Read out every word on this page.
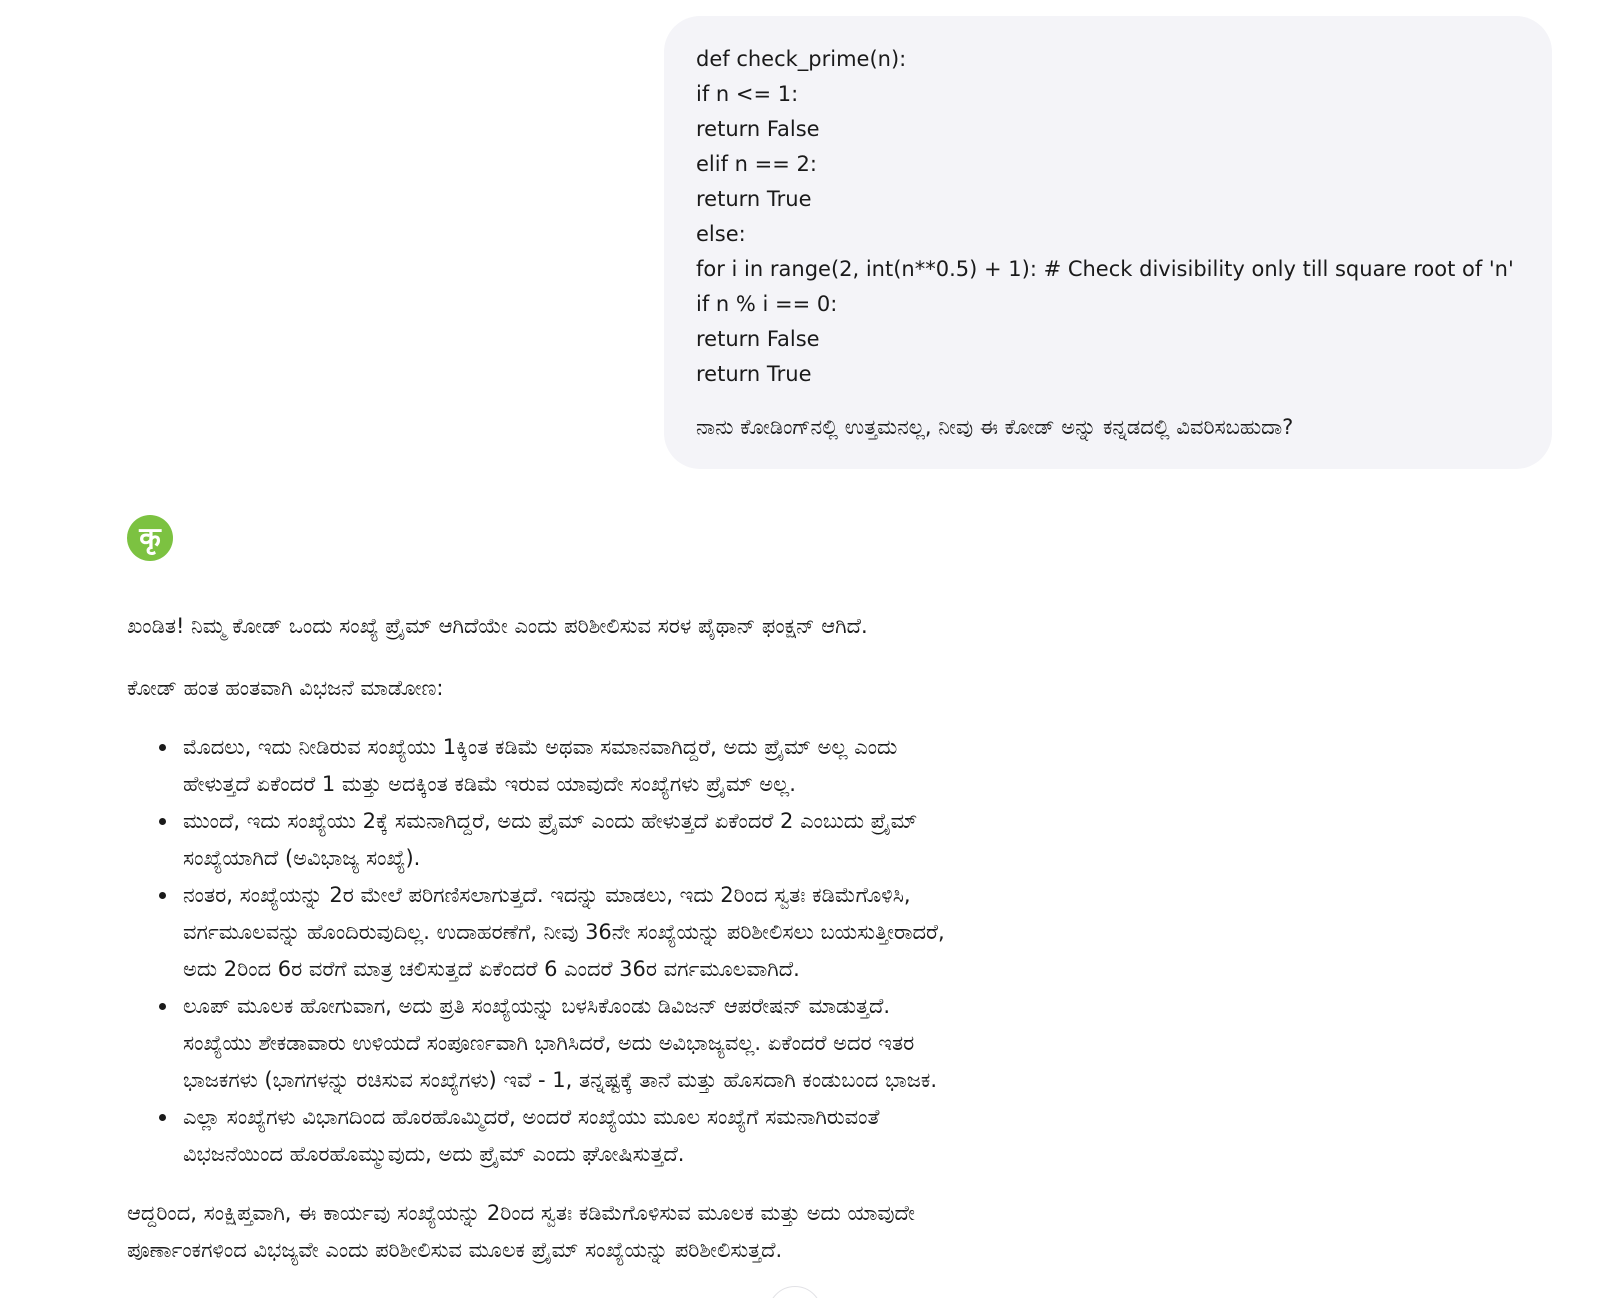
def check_prime(n):
if n <= 1:
return False
elif n == 2:
return True
else:
for i in range(2, int(n**0.5) + 1): # Check divisibility only till square root of 'n'
if n % i == 0:
return False
return True
ನಾನು ಕೋಡಿಂಗ್‌ನಲ್ಲಿ ಉತ್ತಮನಲ್ಲ, ನೀವು ಈ ಕೋಡ್ ಅನ್ನು ಕನ್ನಡದಲ್ಲಿ ವಿವರಿಸಬಹುದಾ?
कृ

ಖಂಡಿತ! ನಿಮ್ಮ ಕೋಡ್ ಒಂದು ಸಂಖ್ಯೆ ಪ್ರೈಮ್ ಆಗಿದೆಯೇ ಎಂದು ಪರಿಶೀಲಿಸುವ ಸರಳ ಪೈಥಾನ್ ಫಂಕ್ಷನ್ ಆಗಿದೆ.

ಕೋಡ್ ಹಂತ ಹಂತವಾಗಿ ವಿಭಜನೆ ಮಾಡೋಣ:

ಮೊದಲು, ಇದು ನೀಡಿರುವ ಸಂಖ್ಯೆಯು 1ಕ್ಕಿಂತ ಕಡಿಮೆ ಅಥವಾ ಸಮಾನವಾಗಿದ್ದರೆ, ಅದು ಪ್ರೈಮ್ ಅಲ್ಲ ಎಂದು
ಹೇಳುತ್ತದೆ ಏಕೆಂದರೆ 1 ಮತ್ತು ಅದಕ್ಕಿಂತ ಕಡಿಮೆ ಇರುವ ಯಾವುದೇ ಸಂಖ್ಯೆಗಳು ಪ್ರೈಮ್ ಅಲ್ಲ.
ಮುಂದೆ, ಇದು ಸಂಖ್ಯೆಯು 2ಕ್ಕೆ ಸಮನಾಗಿದ್ದರೆ, ಅದು ಪ್ರೈಮ್ ಎಂದು ಹೇಳುತ್ತದೆ ಏಕೆಂದರೆ 2 ಎಂಬುದು ಪ್ರೈಮ್
ಸಂಖ್ಯೆಯಾಗಿದೆ (ಅವಿಭಾಜ್ಯ ಸಂಖ್ಯೆ).
ನಂತರ, ಸಂಖ್ಯೆಯನ್ನು 2ರ ಮೇಲೆ ಪರಿಗಣಿಸಲಾಗುತ್ತದೆ. ಇದನ್ನು ಮಾಡಲು, ಇದು 2ರಿಂದ ಸ್ವತಃ ಕಡಿಮೆಗೊಳಿಸಿ,
ವರ್ಗಮೂಲವನ್ನು ಹೊಂದಿರುವುದಿಲ್ಲ. ಉದಾಹರಣೆಗೆ, ನೀವು 36ನೇ ಸಂಖ್ಯೆಯನ್ನು ಪರಿಶೀಲಿಸಲು ಬಯಸುತ್ತೀರಾದರೆ,
ಅದು 2ರಿಂದ 6ರ ವರೆಗೆ ಮಾತ್ರ ಚಲಿಸುತ್ತದೆ ಏಕೆಂದರೆ 6 ಎಂದರೆ 36ರ ವರ್ಗಮೂಲವಾಗಿದೆ.
ಲೂಪ್ ಮೂಲಕ ಹೋಗುವಾಗ, ಅದು ಪ್ರತಿ ಸಂಖ್ಯೆಯನ್ನು ಬಳಸಿಕೊಂಡು ಡಿವಿಜನ್ ಆಪರೇಷನ್ ಮಾಡುತ್ತದೆ.
ಸಂಖ್ಯೆಯು ಶೇಕಡಾವಾರು ಉಳಿಯದೆ ಸಂಪೂರ್ಣವಾಗಿ ಭಾಗಿಸಿದರೆ, ಅದು ಅವಿಭಾಜ್ಯವಲ್ಲ. ಏಕೆಂದರೆ ಅದರ ಇತರ
ಭಾಜಕಗಳು (ಭಾಗಗಳನ್ನು ರಚಿಸುವ ಸಂಖ್ಯೆಗಳು) ಇವೆ - 1, ತನ್ನಷ್ಟಕ್ಕೆ ತಾನೆ ಮತ್ತು ಹೊಸದಾಗಿ ಕಂಡುಬಂದ ಭಾಜಕ.
ಎಲ್ಲಾ ಸಂಖ್ಯೆಗಳು ವಿಭಾಗದಿಂದ ಹೊರಹೊಮ್ಮಿದರೆ, ಅಂದರೆ ಸಂಖ್ಯೆಯು ಮೂಲ ಸಂಖ್ಯೆಗೆ ಸಮನಾಗಿರುವಂತೆ
ವಿಭಜನೆಯಿಂದ ಹೊರಹೊಮ್ಮುವುದು, ಅದು ಪ್ರೈಮ್ ಎಂದು ಘೋಷಿಸುತ್ತದೆ.

ಆದ್ದರಿಂದ, ಸಂಕ್ಷಿಪ್ತವಾಗಿ, ಈ ಕಾರ್ಯವು ಸಂಖ್ಯೆಯನ್ನು 2ರಿಂದ ಸ್ವತಃ ಕಡಿಮೆಗೊಳಿಸುವ ಮೂಲಕ ಮತ್ತು ಅದು ಯಾವುದೇ
ಪೂರ್ಣಾಂಕಗಳಿಂದ ವಿಭಜ್ಯವೇ ಎಂದು ಪರಿಶೀಲಿಸುವ ಮೂಲಕ ಪ್ರೈಮ್ ಸಂಖ್ಯೆಯನ್ನು ಪರಿಶೀಲಿಸುತ್ತದೆ.
